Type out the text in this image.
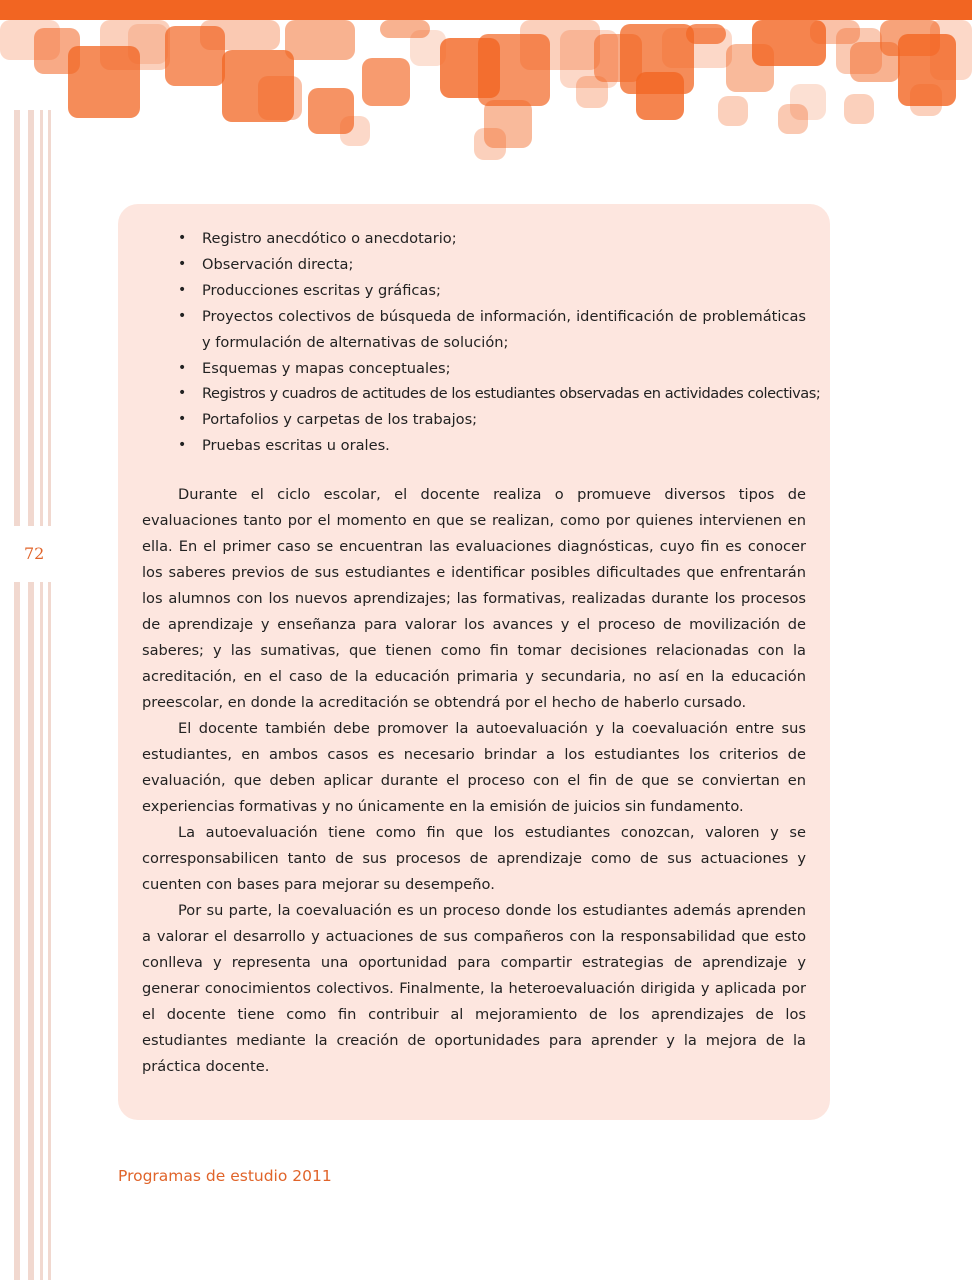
72
• Registro anecdótico o anecdotario;
• Observación directa;
• Producciones escritas y gráficas;
• Proyectos colectivos de búsqueda de información, identificación de problemáticas y formulación de alternativas de solución;
• Esquemas y mapas conceptuales;
• Registros y cuadros de actitudes de los estudiantes observadas en actividades colectivas;
• Portafolios y carpetas de los trabajos;
• Pruebas escritas u orales.

Durante el ciclo escolar, el docente realiza o promueve diversos tipos de evaluaciones tanto por el momento en que se realizan, como por quienes intervienen en ella. En el primer caso se encuentran las evaluaciones diagnósticas, cuyo fin es conocer los saberes previos de sus estudiantes e identificar posibles dificultades que enfrentarán los alumnos con los nuevos aprendizajes; las formativas, realizadas durante los procesos de aprendizaje y enseñanza para valorar los avances y el proceso de movilización de saberes; y las sumativas, que tienen como fin tomar decisiones relacionadas con la acreditación, en el caso de la educación primaria y secundaria, no así en la educación preescolar, en donde la acreditación se obtendrá por el hecho de haberlo cursado.

El docente también debe promover la autoevaluación y la coevaluación entre sus estudiantes, en ambos casos es necesario brindar a los estudiantes los criterios de evaluación, que deben aplicar durante el proceso con el fin de que se conviertan en experiencias formativas y no únicamente en la emisión de juicios sin fundamento.

La autoevaluación tiene como fin que los estudiantes conozcan, valoren y se corresponsabilicen tanto de sus procesos de aprendizaje como de sus actuaciones y cuenten con bases para mejorar su desempeño.

Por su parte, la coevaluación es un proceso donde los estudiantes además aprenden a valorar el desarrollo y actuaciones de sus compañeros con la responsabilidad que esto conlleva y representa una oportunidad para compartir estrategias de aprendizaje y generar conocimientos colectivos. Finalmente, la heteroevaluación dirigida y aplicada por el docente tiene como fin contribuir al mejoramiento de los aprendizajes de los estudiantes mediante la creación de oportunidades para aprender y la mejora de la práctica docente.

Programas de estudio 2011
